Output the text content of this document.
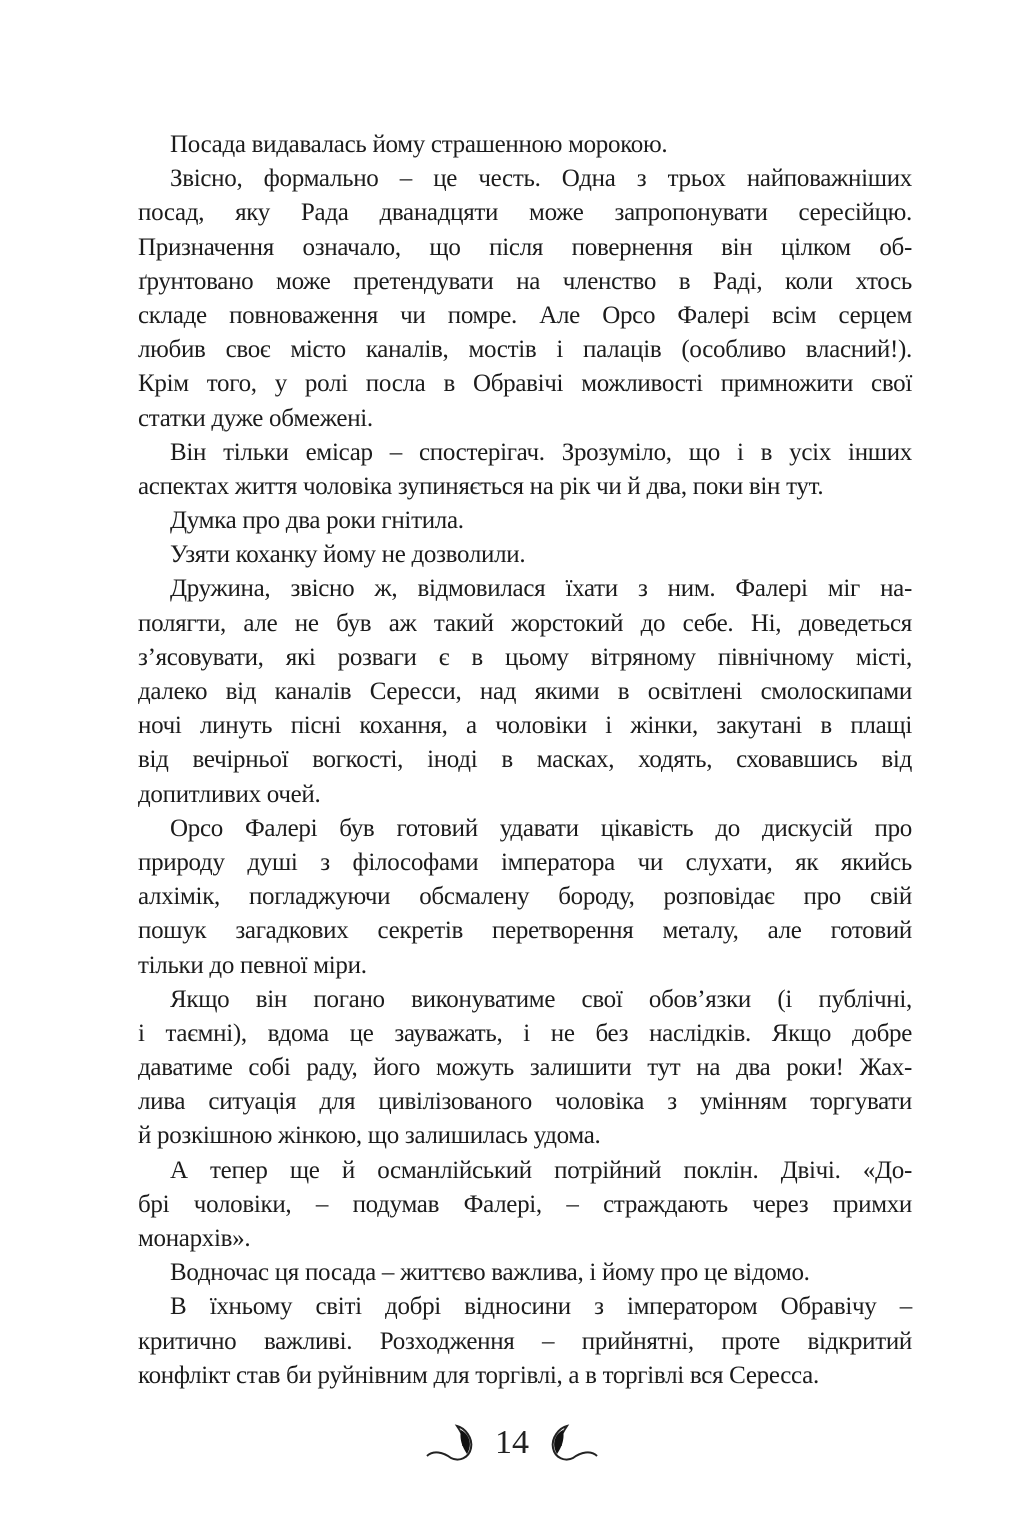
Посада видавалась йому страшенною морокою.
Звісно, формально – це честь. Одна з трьох найповажніших
посад, яку Рада дванадцяти може запропонувати сересійцю.
Призначення означало, що після повернення він цілком об-
ґрунтовано може претендувати на членство в Раді, коли хтось
складе повноваження чи помре. Але Орсо Фалері всім серцем
любив своє місто каналів, мостів і палаців (особливо власний!).
Крім того, у ролі посла в Обравічі можливості примножити свої
статки дуже обмежені.
Він тільки емісар – спостерігач. Зрозуміло, що і в усіх інших
аспектах життя чоловіка зупиняється на рік чи й два, поки він тут.
Думка про два роки гнітила.
Узяти коханку йому не дозволили.
Дружина, звісно ж, відмовилася їхати з ним. Фалері міг на-
полягти, але не був аж такий жорстокий до себе. Ні, доведеться
з’ясовувати, які розваги є в цьому вітряному північному місті,
далеко від каналів Сересси, над якими в освітлені смолоскипами
ночі линуть пісні кохання, а чоловіки і жінки, закутані в плащі
від вечірньої вогкості, іноді в масках, ходять, сховавшись від
допитливих очей.
Орсо Фалері був готовий удавати цікавість до дискусій про
природу душі з філософами імператора чи слухати, як якийсь
алхімік, погладжуючи обсмалену бороду, розповідає про свій
пошук загадкових секретів перетворення металу, але готовий
тільки до певної міри.
Якщо він погано виконуватиме свої обов’язки (і публічні,
і таємні), вдома це зауважать, і не без наслідків. Якщо добре
даватиме собі раду, його можуть залишити тут на два роки! Жах-
лива ситуація для цивілізованого чоловіка з умінням торгувати
й розкішною жінкою, що залишилась удома.
А тепер ще й османлійський потрійний поклін. Двічі. «До-
брі чоловіки, – подумав Фалері, – страждають через примхи
монархів».
Водночас ця посада – життєво важлива, і йому про це відомо.
В їхньому світі добрі відносини з імператором Обравічу –
критично важливі. Розходження – прийнятні, проте відкритий
конфлікт став би руйнівним для торгівлі, а в торгівлі вся Сересса.
14
